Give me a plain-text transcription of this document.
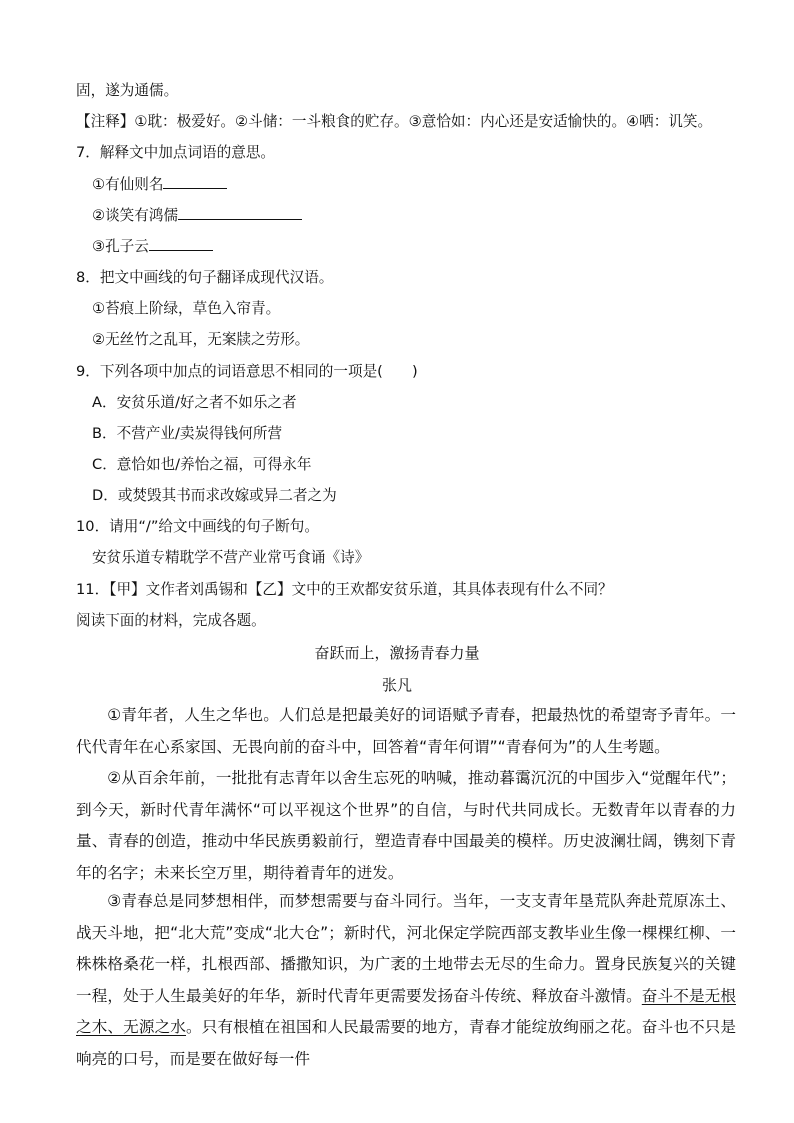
固，遂为通儒。
【注释】①耽：极爱好。②斗储：一斗粮食的贮存。③意恰如：内心还是安适愉快的。④哂：讥笑。
7．解释文中加点词语的意思。
①有仙则名
②谈笑有鸿儒
③孔子云
8．把文中画线的句子翻译成现代汉语。
①苔痕上阶绿，草色入帘青。
②无丝竹之乱耳，无案牍之劳形。
9．下列各项中加点的词语意思不相同的一项是(　　)
A．安贫乐道/好之者不如乐之者
B．不营产业/卖炭得钱何所营
C．意恰如也/养怡之福，可得永年
D．或焚毁其书而求改嫁或异二者之为
10．请用“/”给文中画线的句子断句。
安贫乐道专精耽学不营产业常丐食诵《诗》
11．【甲】文作者刘禹锡和【乙】文中的王欢都安贫乐道，其具体表现有什么不同？
阅读下面的材料，完成各题。
奋跃而上，激扬青春力量
张凡
①青年者，人生之华也。人们总是把最美好的词语赋予青春，把最热忱的希望寄予青年。一代代青年在心系家国、无畏向前的奋斗中，回答着“青年何谓”“青春何为”的人生考题。
②从百余年前，一批批有志青年以舍生忘死的呐喊，推动暮霭沉沉的中国步入“觉醒年代”；到今天，新时代青年满怀“可以平视这个世界”的自信，与时代共同成长。无数青年以青春的力量、青春的创造，推动中华民族勇毅前行，塑造青春中国最美的模样。历史波澜壮阔，镌刻下青年的名字；未来长空万里，期待着青年的迸发。
③青春总是同梦想相伴，而梦想需要与奋斗同行。当年，一支支青年垦荒队奔赴荒原冻土、战天斗地，把“北大荒”变成“北大仓”；新时代，河北保定学院西部支教毕业生像一棵棵红柳、一株株格桑花一样，扎根西部、播撒知识，为广袤的土地带去无尽的生命力。置身民族复兴的关键一程，处于人生最美好的年华，新时代青年更需要发扬奋斗传统、释放奋斗激情。奋斗不是无根之木、无源之水。只有根植在祖国和人民最需要的地方，青春才能绽放绚丽之花。奋斗也不只是响亮的口号，而是要在做好每一件
